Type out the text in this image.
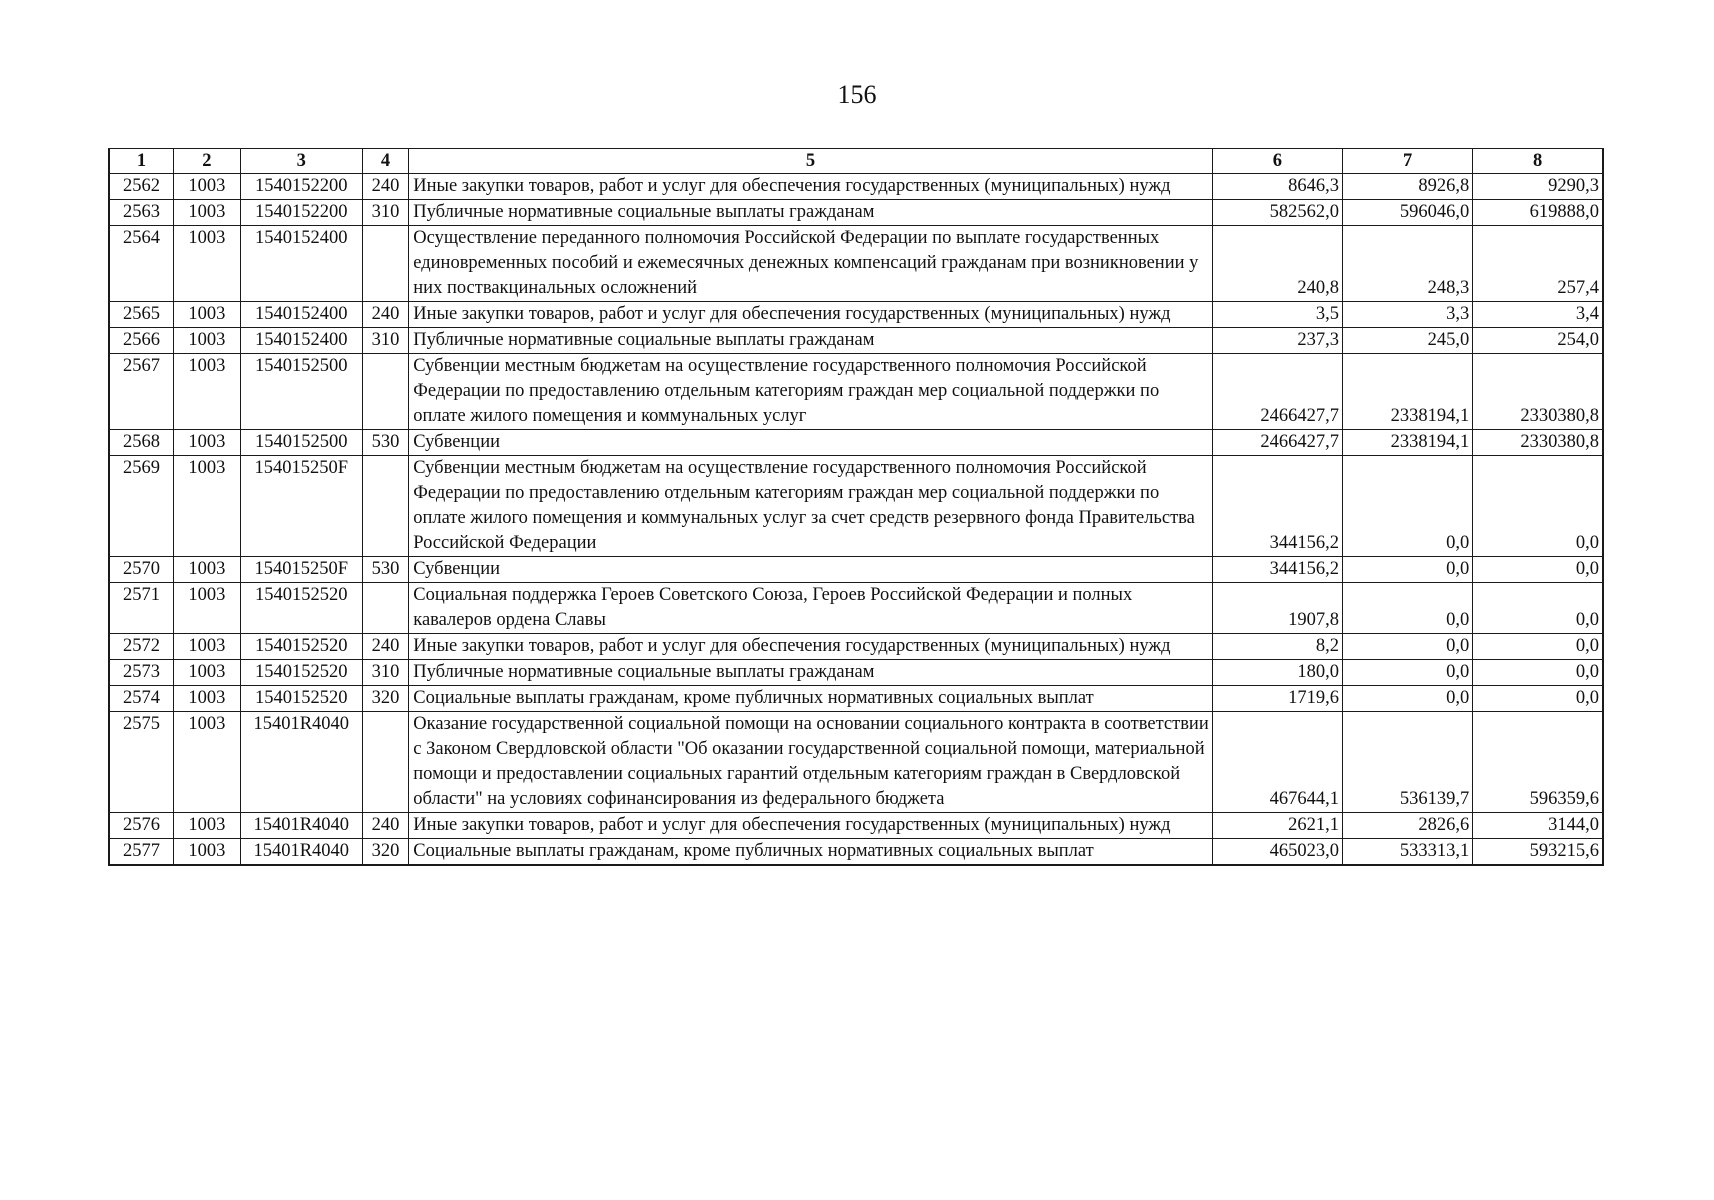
156
1	2	3	4	5	6	7	8
2562	1003	1540152200	240	Иные закупки товаров, работ и услуг для обеспечения государственных (муниципальных) нужд	8646,3	8926,8	9290,3
2563	1003	1540152200	310	Публичные нормативные социальные выплаты гражданам	582562,0	596046,0	619888,0
2564	1003	1540152400		Осуществление переданного полномочия Российской Федерации по выплате государственных единовременных пособий и ежемесячных денежных компенсаций гражданам при возникновении у них поствакцинальных осложнений	240,8	248,3	257,4
2565	1003	1540152400	240	Иные закупки товаров, работ и услуг для обеспечения государственных (муниципальных) нужд	3,5	3,3	3,4
2566	1003	1540152400	310	Публичные нормативные социальные выплаты гражданам	237,3	245,0	254,0
2567	1003	1540152500		Субвенции местным бюджетам на осуществление государственного полномочия Российской Федерации по предоставлению отдельным категориям граждан мер социальной поддержки по оплате жилого помещения и коммунальных услуг	2466427,7	2338194,1	2330380,8
2568	1003	1540152500	530	Субвенции	2466427,7	2338194,1	2330380,8
2569	1003	154015250F		Субвенции местным бюджетам на осуществление государственного полномочия Российской Федерации по предоставлению отдельным категориям граждан мер социальной поддержки по оплате жилого помещения и коммунальных услуг за счет средств резервного фонда Правительства Российской Федерации	344156,2	0,0	0,0
2570	1003	154015250F	530	Субвенции	344156,2	0,0	0,0
2571	1003	1540152520		Социальная поддержка Героев Советского Союза, Героев Российской Федерации и полных кавалеров ордена Славы	1907,8	0,0	0,0
2572	1003	1540152520	240	Иные закупки товаров, работ и услуг для обеспечения государственных (муниципальных) нужд	8,2	0,0	0,0
2573	1003	1540152520	310	Публичные нормативные социальные выплаты гражданам	180,0	0,0	0,0
2574	1003	1540152520	320	Социальные выплаты гражданам, кроме публичных нормативных социальных выплат	1719,6	0,0	0,0
2575	1003	15401R4040		Оказание государственной социальной помощи на основании социального контракта в соответствии с Законом Свердловской области "Об оказании государственной социальной помощи, материальной помощи и предоставлении социальных гарантий отдельным категориям граждан в Свердловской области" на условиях софинансирования из федерального бюджета	467644,1	536139,7	596359,6
2576	1003	15401R4040	240	Иные закупки товаров, работ и услуг для обеспечения государственных (муниципальных) нужд	2621,1	2826,6	3144,0
2577	1003	15401R4040	320	Социальные выплаты гражданам, кроме публичных нормативных социальных выплат	465023,0	533313,1	593215,6
